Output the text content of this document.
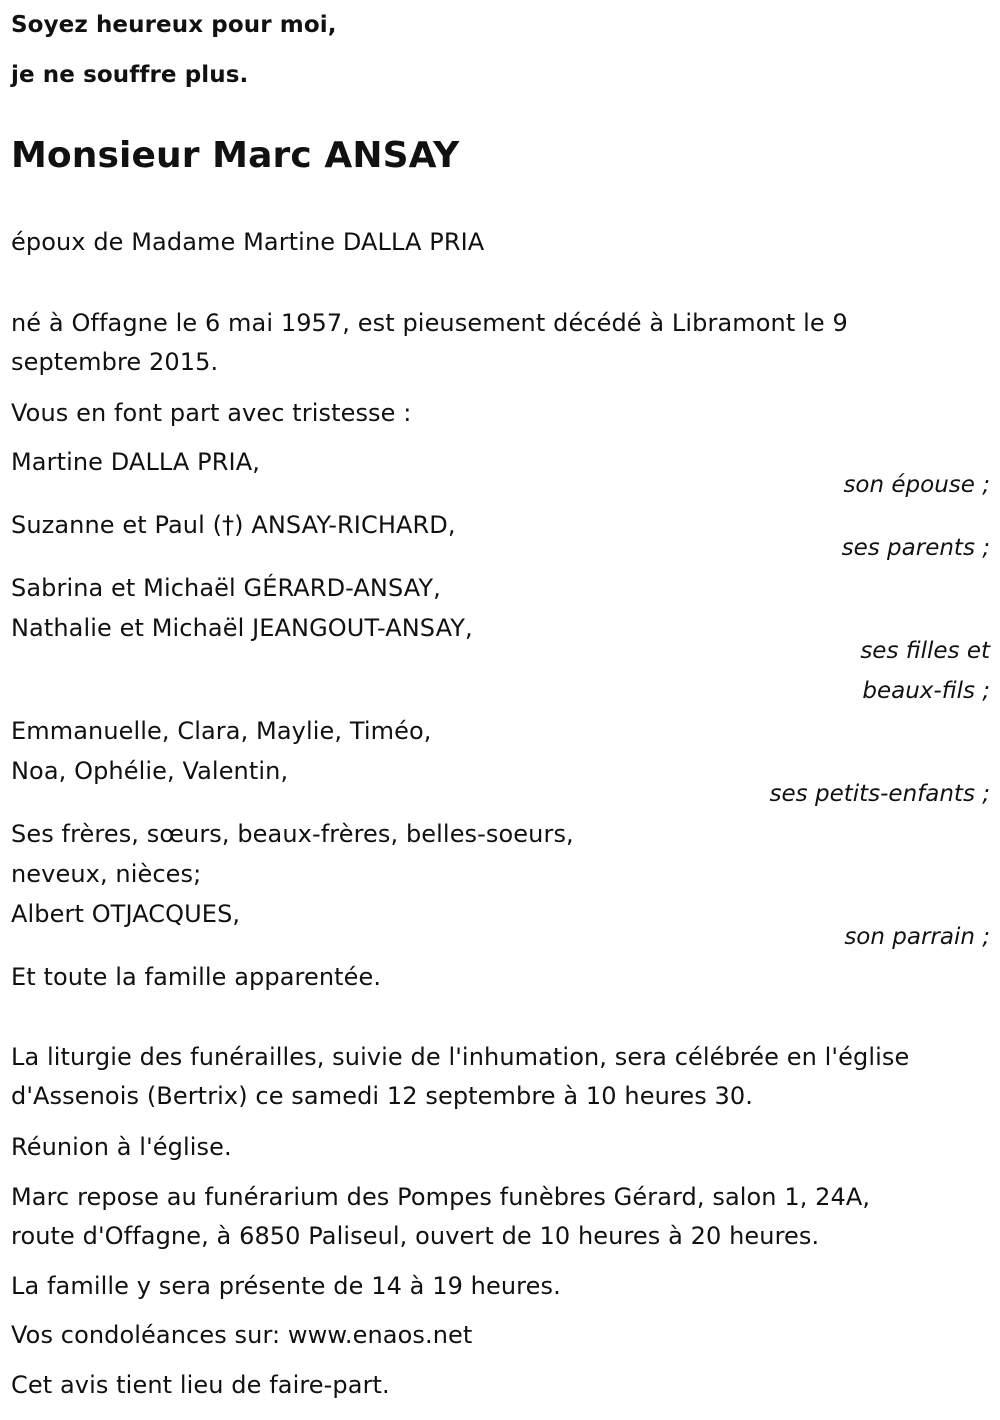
Soyez heureux pour moi,
je ne souffre plus.
Monsieur Marc ANSAY
époux de Madame Martine DALLA PRIA
né à Offagne le 6 mai 1957, est pieusement décédé à Libramont le 9
septembre 2015.
Vous en font part avec tristesse :
Martine DALLA PRIA,
son épouse ;
Suzanne et Paul (†) ANSAY-RICHARD,
ses parents ;
Sabrina et Michaël GÉRARD-ANSAY,
Nathalie et Michaël JEANGOUT-ANSAY,
ses filles et
beaux-fils ;
Emmanuelle, Clara, Maylie, Timéo,
Noa, Ophélie, Valentin,
ses petits-enfants ;
Ses frères, sœurs, beaux-frères, belles-soeurs,
neveux, nièces;
Albert OTJACQUES,
son parrain ;
Et toute la famille apparentée.
La liturgie des funérailles, suivie de l'inhumation, sera célébrée en l'église
d'Assenois (Bertrix) ce samedi 12 septembre à 10 heures 30.
Réunion à l'église.
Marc repose au funérarium des Pompes funèbres Gérard, salon 1, 24A,
route d'Offagne, à 6850 Paliseul, ouvert de 10 heures à 20 heures.
La famille y sera présente de 14 à 19 heures.
Vos condoléances sur: www.enaos.net
Cet avis tient lieu de faire-part.
